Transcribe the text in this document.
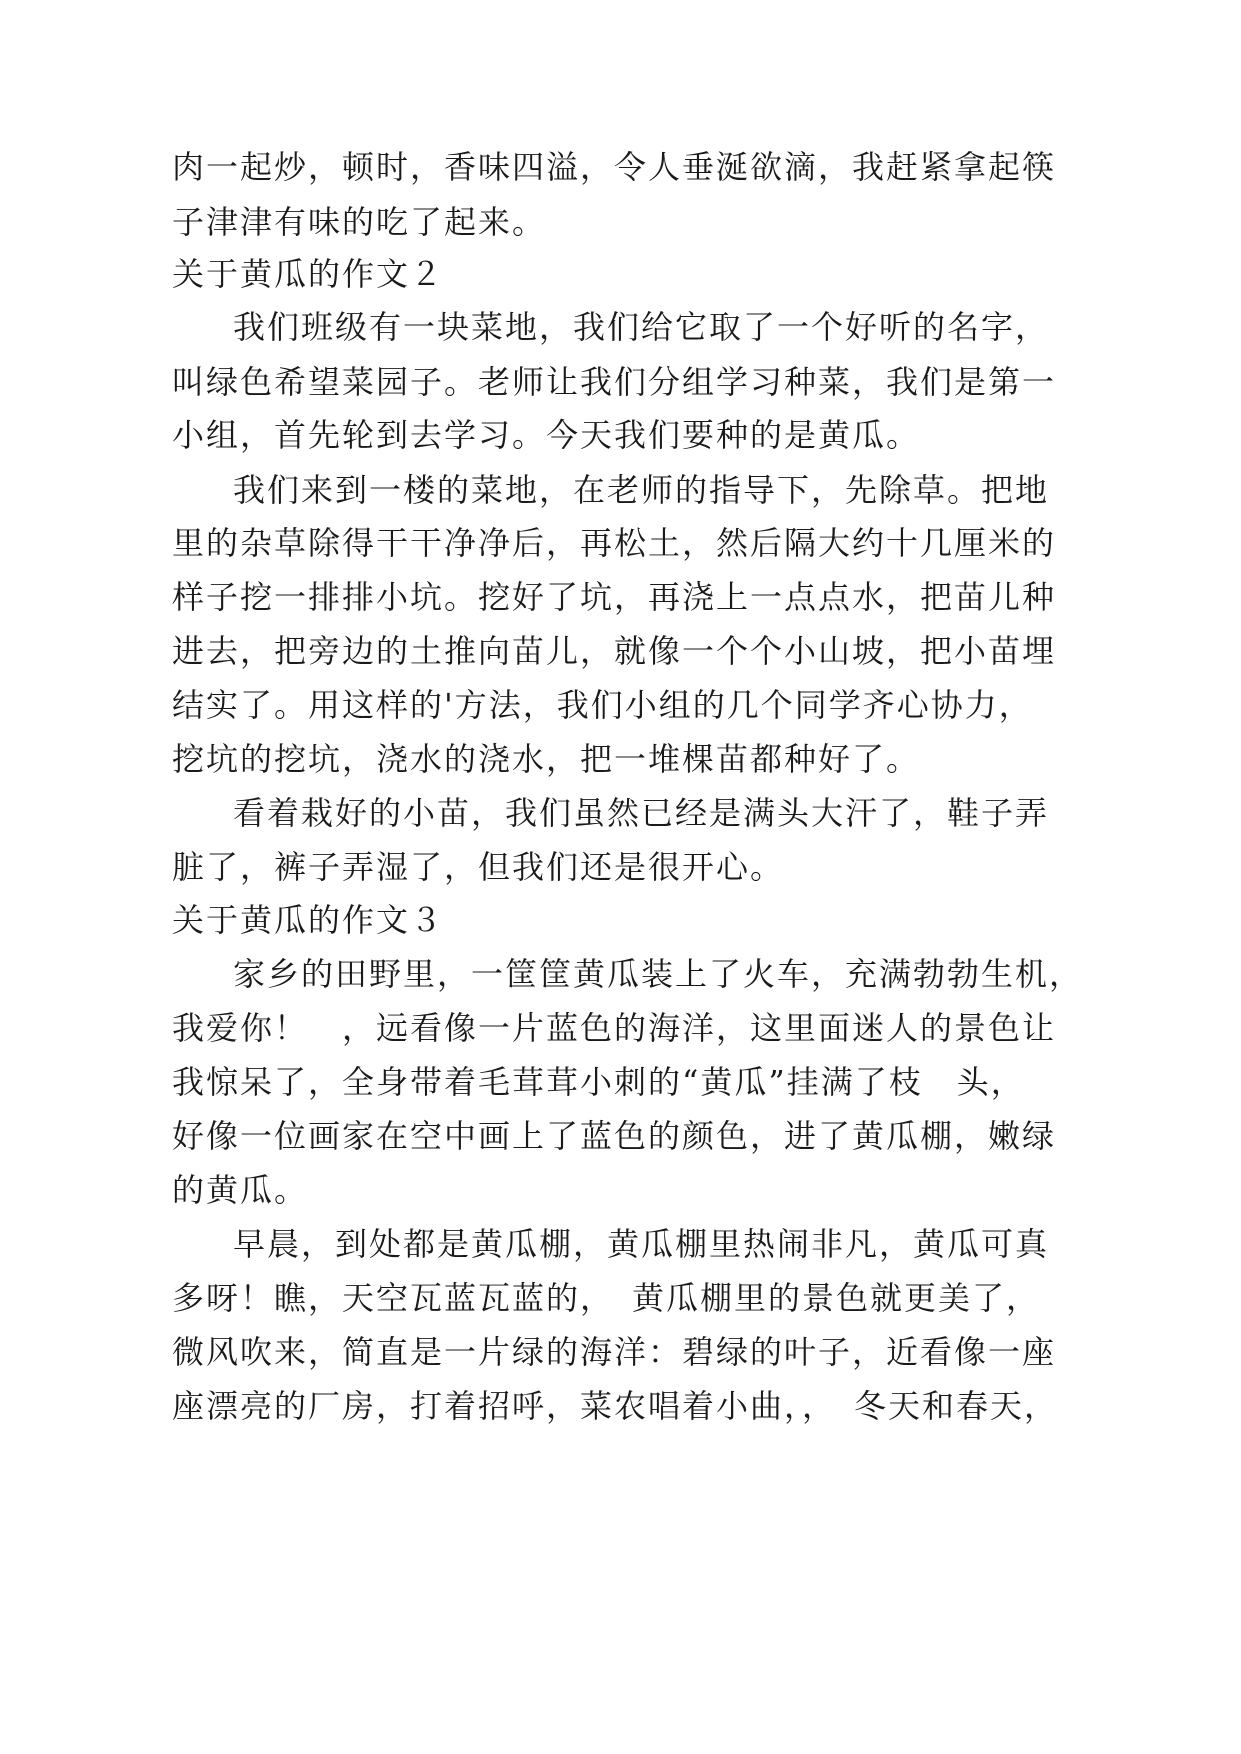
肉一起炒，顿时，香味四溢，令人垂涎欲滴，我赶紧拿起筷
子津津有味的吃了起来。
关于黄瓜的作文２
我们班级有一块菜地，我们给它取了一个好听的名字，
叫绿色希望菜园子。老师让我们分组学习种菜，我们是第一
小组，首先轮到去学习。今天我们要种的是黄瓜。
我们来到一楼的菜地，在老师的指导下，先除草。把地
里的杂草除得干干净净后，再松土，然后隔大约十几厘米的
样子挖一排排小坑。挖好了坑，再浇上一点点水，把苗儿种
进去，把旁边的土推向苗儿，就像一个个小山坡，把小苗埋
结实了。用这样的'方法，我们小组的几个同学齐心协力，
挖坑的挖坑，浇水的浇水，把一堆棵苗都种好了。
看着栽好的小苗，我们虽然已经是满头大汗了，鞋子弄
脏了，裤子弄湿了，但我们还是很开心。
关于黄瓜的作文３
家乡的田野里，一筐筐黄瓜装上了火车，充满勃勃生机，
我爱你！　，远看像一片蓝色的海洋，这里面迷人的景色让
我惊呆了，全身带着毛茸茸小刺的“黄瓜”挂满了枝　头，
好像一位画家在空中画上了蓝色的颜色，进了黄瓜棚，嫩绿
的黄瓜。
早晨，到处都是黄瓜棚，黄瓜棚里热闹非凡，黄瓜可真
多呀！瞧，天空瓦蓝瓦蓝的，　黄瓜棚里的景色就更美了，
微风吹来，简直是一片绿的海洋：碧绿的叶子，近看像一座
座漂亮的厂房，打着招呼，菜农唱着小曲，，　冬天和春天，
